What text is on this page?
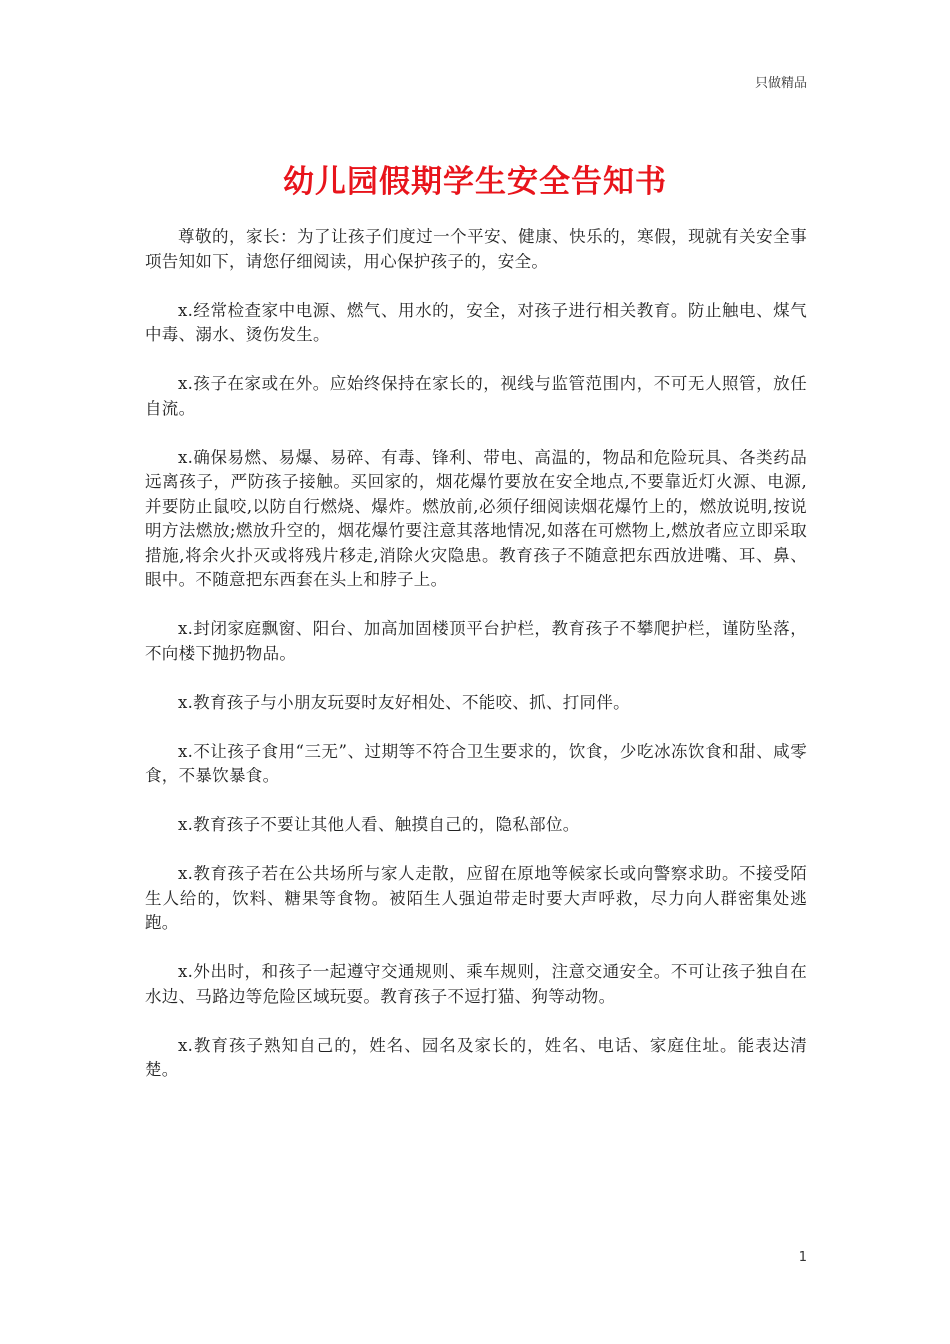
只做精品
幼儿园假期学生安全告知书

尊敬的，家长：为了让孩子们度过一个平安、健康、快乐的，寒假，现就有关安全事项告知如下，请您仔细阅读，用心保护孩子的，安全。

x.经常检查家中电源、燃气、用水的，安全，对孩子进行相关教育。防止触电、煤气中毒、溺水、烫伤发生。

x.孩子在家或在外。应始终保持在家长的，视线与监管范围内，不可无人照管，放任自流。

x.确保易燃、易爆、易碎、有毒、锋利、带电、高温的，物品和危险玩具、各类药品远离孩子，严防孩子接触。买回家的，烟花爆竹要放在安全地点,不要靠近灯火源、电源,并要防止鼠咬,以防自行燃烧、爆炸。燃放前,必须仔细阅读烟花爆竹上的，燃放说明,按说明方法燃放;燃放升空的，烟花爆竹要注意其落地情况,如落在可燃物上,燃放者应立即采取措施,将余火扑灭或将残片移走,消除火灾隐患。教育孩子不随意把东西放进嘴、耳、鼻、眼中。不随意把东西套在头上和脖子上。

x.封闭家庭飘窗、阳台、加高加固楼顶平台护栏，教育孩子不攀爬护栏，谨防坠落，不向楼下抛扔物品。

x.教育孩子与小朋友玩耍时友好相处、不能咬、抓、打同伴。

x.不让孩子食用“三无”、过期等不符合卫生要求的，饮食，少吃冰冻饮食和甜、咸零食，不暴饮暴食。

x.教育孩子不要让其他人看、触摸自己的，隐私部位。

x.教育孩子若在公共场所与家人走散，应留在原地等候家长或向警察求助。不接受陌生人给的，饮料、糖果等食物。被陌生人强迫带走时要大声呼救，尽力向人群密集处逃跑。

x.外出时，和孩子一起遵守交通规则、乘车规则，注意交通安全。不可让孩子独自在水边、马路边等危险区域玩耍。教育孩子不逗打猫、狗等动物。

x.教育孩子熟知自己的，姓名、园名及家长的，姓名、电话、家庭住址。能表达清楚。

1
